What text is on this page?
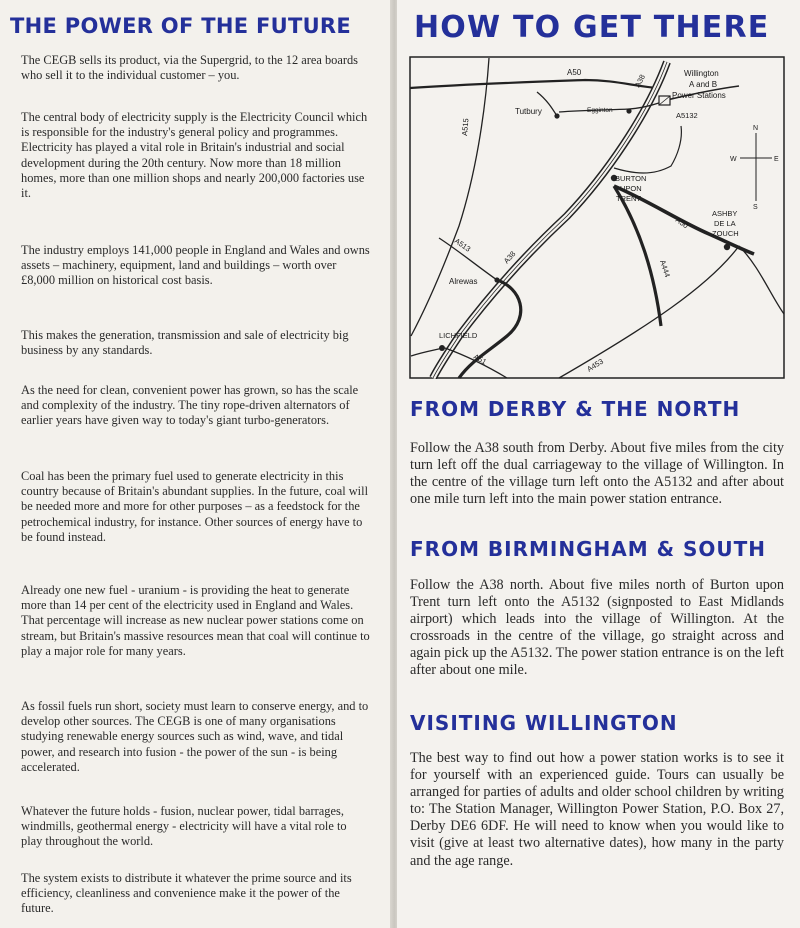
THE POWER OF THE FUTURE

The CEGB sells its product, via the Supergrid, to the 12 area boards who sell it to the individual customer – you.

The central body of electricity supply is the Electricity Council which is responsible for the industry's general policy and programmes. Electricity has played a vital role in Britain's industrial and social development during the 20th century. Now more than 18 million homes, more than one million shops and nearly 200,000 factories use it.

The industry employs 141,000 people in England and Wales and owns assets – machinery, equipment, land and buildings – worth over £8,000 million on historical cost basis.

This makes the generation, transmission and sale of electricity big business by any standards.

As the need for clean, convenient power has grown, so has the scale and complexity of the industry. The tiny rope-driven alternators of earlier years have given way to today's giant turbo-generators.

Coal has been the primary fuel used to generate electricity in this country because of Britain's abundant supplies. In the future, coal will be needed more and more for other purposes – as a feedstock for the petrochemical industry, for instance. Other sources of energy have to be found instead.

Already one new fuel - uranium - is providing the heat to generate more than 14 per cent of the electricity used in England and Wales. That percentage will increase as new nuclear power stations come on stream, but Britain's massive resources mean that coal will continue to play a major role for many years.

As fossil fuels run short, society must learn to conserve energy, and to develop other sources. The CEGB is one of many organisations studying renewable energy sources such as wind, wave, and tidal power, and research into fusion - the power of the sun - is being accelerated.

Whatever the future holds - fusion, nuclear power, tidal barrages, windmills, geothermal energy - electricity will have a vital role to play throughout the world.

The system exists to distribute it whatever the prime source and its efficiency, cleanliness and convenience make it the power of the future.

HOW TO GET THERE
A50
A38	Willington
A and B
Power Stations
A515
Tutbury	Egginton
A5132
N
S
E
W
BURTON
UPON
TRENT
ASHBY
DE LA
ZOUCH
A50
A513
A38
Alrewas
A444
LICHFIELD
A51	A453
FROM DERBY & THE NORTH

Follow the A38 south from Derby. About five miles from the city turn left off the dual carriageway to the village of Willington. In the centre of the village turn left onto the A5132 and after about one mile turn left into the main power station entrance.

FROM BIRMINGHAM & SOUTH

Follow the A38 north. About five miles north of Burton upon Trent turn left onto the A5132 (signposted to East Midlands airport) which leads into the village of Willington. At the crossroads in the centre of the village, go straight across and again pick up the A5132. The power station entrance is on the left after about one mile.

VISITING WILLINGTON

The best way to find out how a power station works is to see it for yourself with an experienced guide. Tours can usually be arranged for parties of adults and older school children by writing to: The Station Manager, Willington Power Station, P.O. Box 27, Derby DE6 6DF. He will need to know when you would like to visit (give at least two alternative dates), how many in the party and the age range.
